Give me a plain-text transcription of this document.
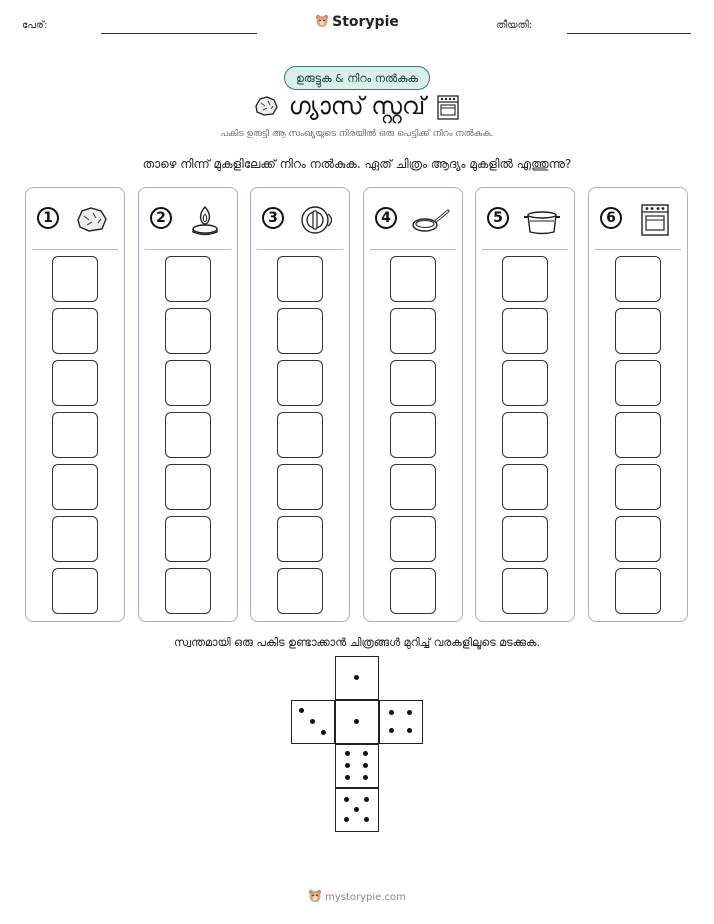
പേര്:	Storypie	തീയതി:
ഉരുട്ടുക & നിറം നൽകുക
ഗ്യാസ് സ്റ്റവ്
പകിട ഉരുട്ടി ആ സംഖ്യയുടെ നിരയിൽ ഒരു പെട്ടിക്ക് നിറം നൽകുക.
താഴെ നിന്ന് മുകളിലേക്ക് നിറം നൽകുക. ഏത് ചിത്രം ആദ്യം മുകളിൽ എത്തുന്നു?
1	2	3	4	5	6
സ്വന്തമായി ഒരു പകിട ഉണ്ടാക്കാൻ ചിത്രങ്ങൾ മുറിച്ച് വരകളിലൂടെ മടക്കുക.
mystorypie.com
